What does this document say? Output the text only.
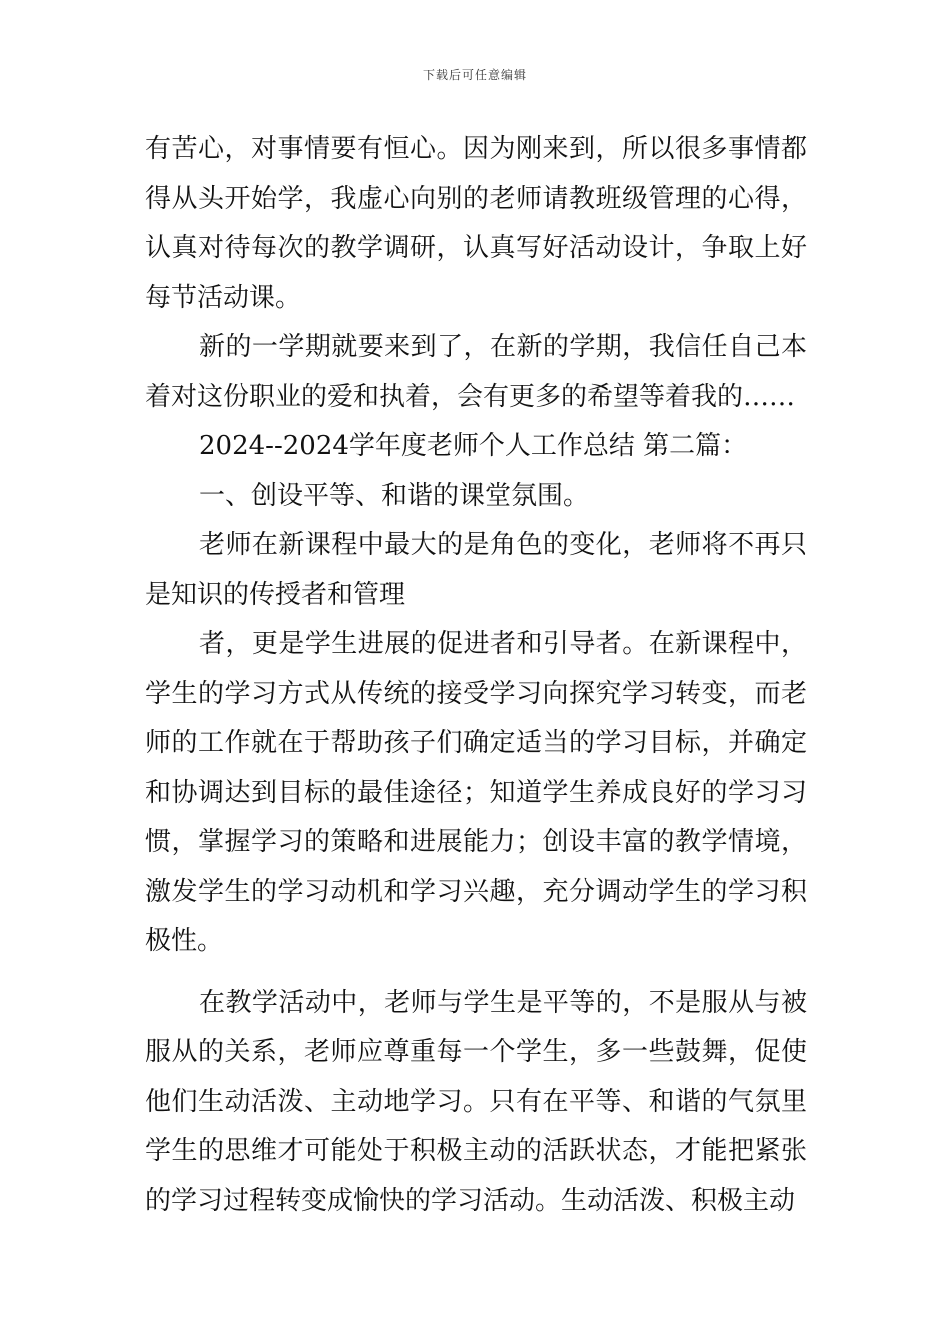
下载后可任意编辑

有苦心，对事情要有恒心。因为刚来到，所以很多事情都得从头开始学，我虚心向别的老师请教班级管理的心得，认真对待每次的教学调研，认真写好活动设计，争取上好每节活动课。

新的一学期就要来到了，在新的学期，我信任自己本着对这份职业的爱和执着，会有更多的希望等着我的……

2024--2024学年度老师个人工作总结 第二篇：

一、创设平等、和谐的课堂氛围。

老师在新课程中最大的是角色的变化，老师将不再只是知识的传授者和管理

者，更是学生进展的促进者和引导者。在新课程中，学生的学习方式从传统的接受学习向探究学习转变，而老师的工作就在于帮助孩子们确定适当的学习目标，并确定和协调达到目标的最佳途径；知道学生养成良好的学习习惯，掌握学习的策略和进展能力；创设丰富的教学情境，激发学生的学习动机和学习兴趣，充分调动学生的学习积极性。

在教学活动中，老师与学生是平等的，不是服从与被服从的关系，老师应尊重每一个学生，多一些鼓舞，促使他们生动活泼、主动地学习。只有在平等、和谐的气氛里学生的思维才可能处于积极主动的活跃状态，才能把紧张的学习过程转变成愉快的学习活动。生动活泼、积极主动
